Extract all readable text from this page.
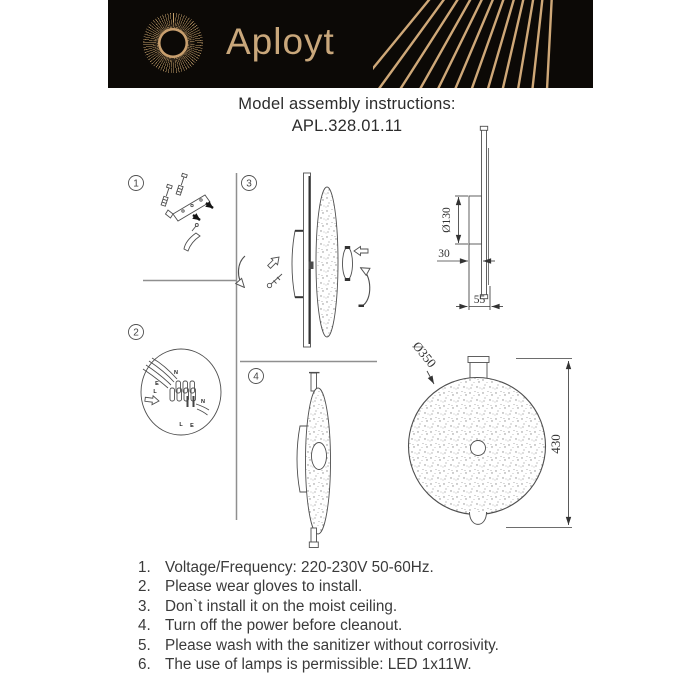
Aployt
Model assembly instructions:
APL.328.01.11
1
2
3
4
N
E
L
N
L E
Ø130
30
55
Ø350
430
1. Voltage/Frequency: 220-230V 50-60Hz.
2. Please wear gloves to install.
3. Don`t install it on the moist ceiling.
4. Turn off the power before cleanout.
5. Please wash with the sanitizer without corrosivity.
6. The use of lamps is permissible: LED 1x11W.
